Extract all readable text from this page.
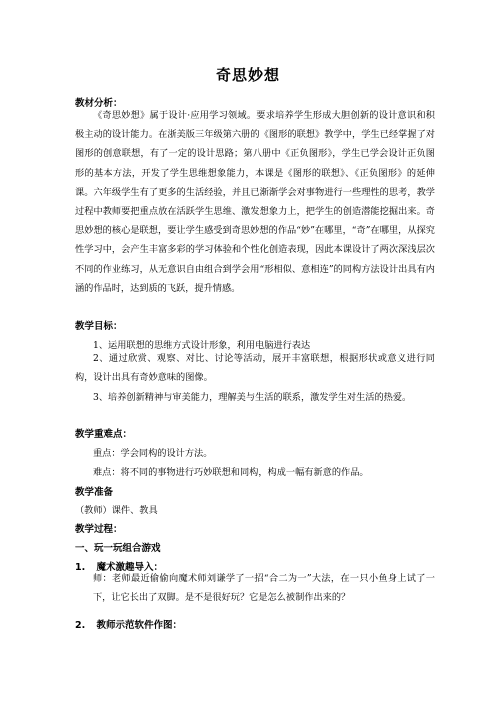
奇思妙想
教材分析：

《奇思妙想》属于设计·应用学习领域。要求培养学生形成大胆创新的设计意识和积极主动的设计能力。在浙美版三年级第六册的《图形的联想》教学中，学生已经掌握了对图形的创意联想，有了一定的设计思路；第八册中《正负图形》，学生已学会设计正负图形的基本方法，开发了学生思维想象能力，本课是《图形的联想》、《正负图形》的延伸课。六年级学生有了更多的生活经验，并且已渐渐学会对事物进行一些理性的思考，教学过程中教师要把重点放在活跃学生思维、激发想象力上，把学生的创造潜能挖掘出来。奇思妙想的核心是联想，要让学生感受到奇思妙想的作品“妙”在哪里，“奇”在哪里，从探究性学习中，会产生丰富多彩的学习体验和个性化创造表现，因此本课设计了两次深浅层次不同的作业练习，从无意识自由组合到学会用“形相似、意相连”的同构方法设计出具有内涵的作品时，达到质的飞跃，提升情感。

教学目标：
1、运用联想的思维方式设计形象，利用电脑进行表达

2、通过欣赏、观察、对比、讨论等活动，展开丰富联想，根据形状或意义进行同构，设计出具有奇妙意味的图像。

3、培养创新精神与审美能力，理解美与生活的联系，激发学生对生活的热爱。

教学重难点：
重点：学会同构的设计方法。
难点：将不同的事物进行巧妙联想和同构，构成一幅有新意的作品。
教学准备
（教师）课件、教具
教学过程：
一、玩一玩组合游戏
1. 魔术激趣导入：

师：老师最近偷偷向魔术师刘谦学了一招“合二为一”大法，在一只小鱼身上试了一下，让它长出了双脚。是不是很好玩？它是怎么被制作出来的？

2. 教师示范软件作图：
